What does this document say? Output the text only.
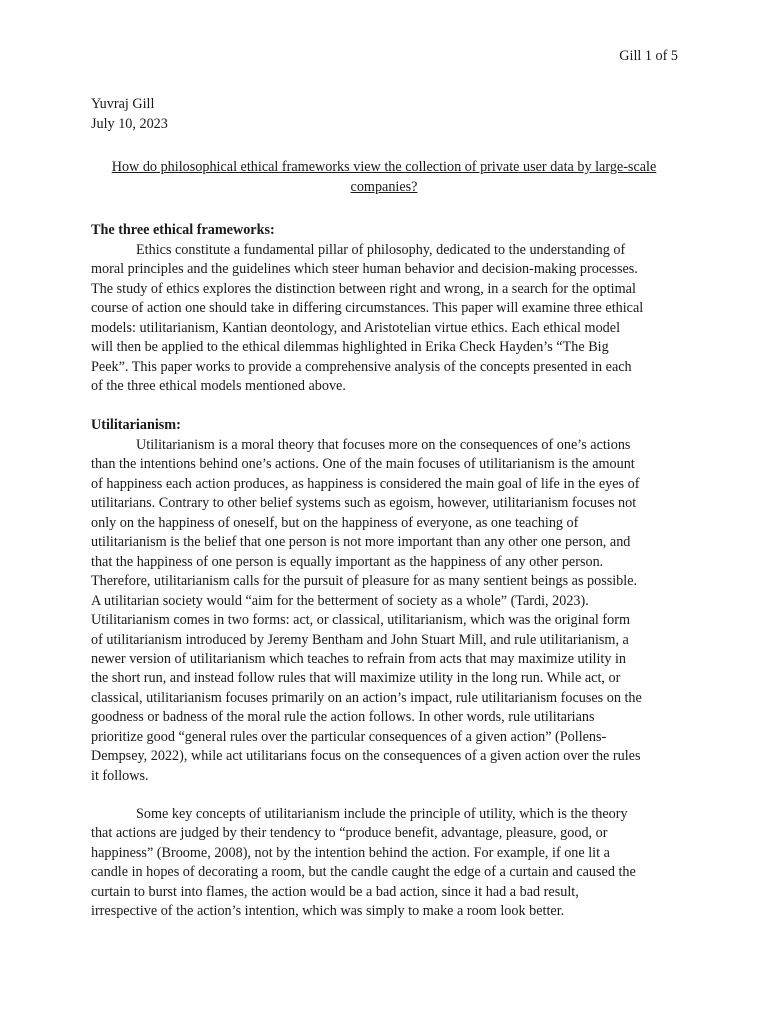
Gill 1 of 5
Yuvraj Gill
July 10, 2023
How do philosophical ethical frameworks view the collection of private user data by large-scale
companies?
The three ethical frameworks:
Ethics constitute a fundamental pillar of philosophy, dedicated to the understanding of
moral principles and the guidelines which steer human behavior and decision-making processes.
The study of ethics explores the distinction between right and wrong, in a search for the optimal
course of action one should take in differing circumstances. This paper will examine three ethical
models: utilitarianism, Kantian deontology, and Aristotelian virtue ethics. Each ethical model
will then be applied to the ethical dilemmas highlighted in Erika Check Hayden’s “The Big
Peek”. This paper works to provide a comprehensive analysis of the concepts presented in each
of the three ethical models mentioned above.
Utilitarianism:
Utilitarianism is a moral theory that focuses more on the consequences of one’s actions
than the intentions behind one’s actions. One of the main focuses of utilitarianism is the amount
of happiness each action produces, as happiness is considered the main goal of life in the eyes of
utilitarians. Contrary to other belief systems such as egoism, however, utilitarianism focuses not
only on the happiness of oneself, but on the happiness of everyone, as one teaching of
utilitarianism is the belief that one person is not more important than any other one person, and
that the happiness of one person is equally important as the happiness of any other person.
Therefore, utilitarianism calls for the pursuit of pleasure for as many sentient beings as possible.
A utilitarian society would “aim for the betterment of society as a whole” (Tardi, 2023).
Utilitarianism comes in two forms: act, or classical, utilitarianism, which was the original form
of utilitarianism introduced by Jeremy Bentham and John Stuart Mill, and rule utilitarianism, a
newer version of utilitarianism which teaches to refrain from acts that may maximize utility in
the short run, and instead follow rules that will maximize utility in the long run. While act, or
classical, utilitarianism focuses primarily on an action’s impact, rule utilitarianism focuses on the
goodness or badness of the moral rule the action follows. In other words, rule utilitarians
prioritize good “general rules over the particular consequences of a given action” (Pollens-
Dempsey, 2022), while act utilitarians focus on the consequences of a given action over the rules
it follows.
Some key concepts of utilitarianism include the principle of utility, which is the theory
that actions are judged by their tendency to “produce benefit, advantage, pleasure, good, or
happiness” (Broome, 2008), not by the intention behind the action. For example, if one lit a
candle in hopes of decorating a room, but the candle caught the edge of a curtain and caused the
curtain to burst into flames, the action would be a bad action, since it had a bad result,
irrespective of the action’s intention, which was simply to make a room look better.
